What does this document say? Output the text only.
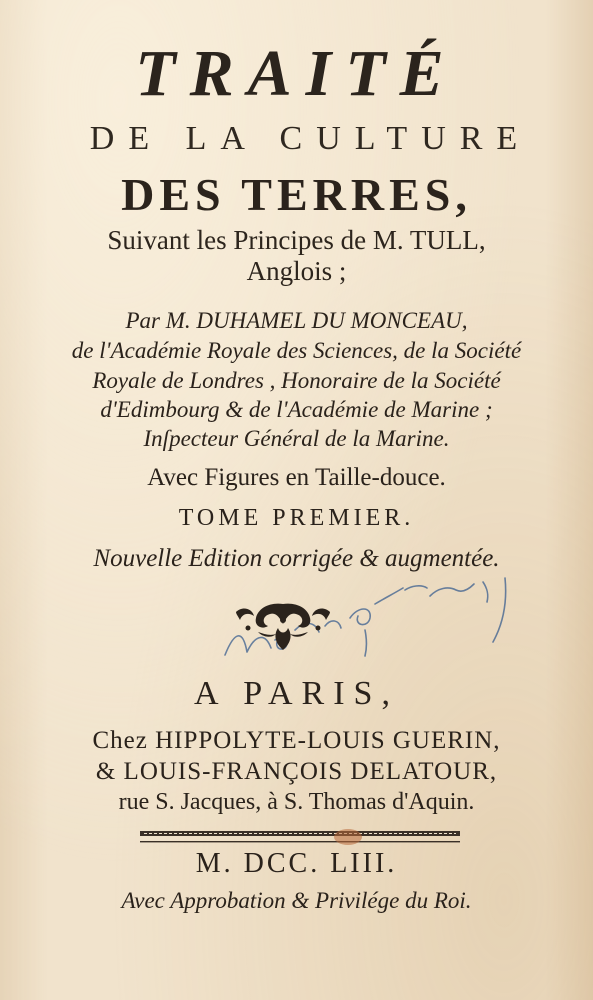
TRAITÉ
DE LA CULTURE
DES TERRES,
Suivant les Principes de M. TULL,
Anglois ;
Par M. DUHAMEL DU MONCEAU,
de l'Académie Royale des Sciences, de la Société
Royale de Londres , Honoraire de la Société
d'Edimbourg & de l'Académie de Marine ;
Inſpecteur Général de la Marine.
Avec Figures en Taille-douce.
TOME PREMIER.
Nouvelle Edition corrigée & augmentée.
A PARIS,
Chez HIPPOLYTE-LOUIS GUERIN,
& LOUIS-FRANÇOIS DELATOUR,
rue S. Jacques, à S. Thomas d'Aquin.
M. DCC. LIII.
Avec Approbation & Privilége du Roi.
